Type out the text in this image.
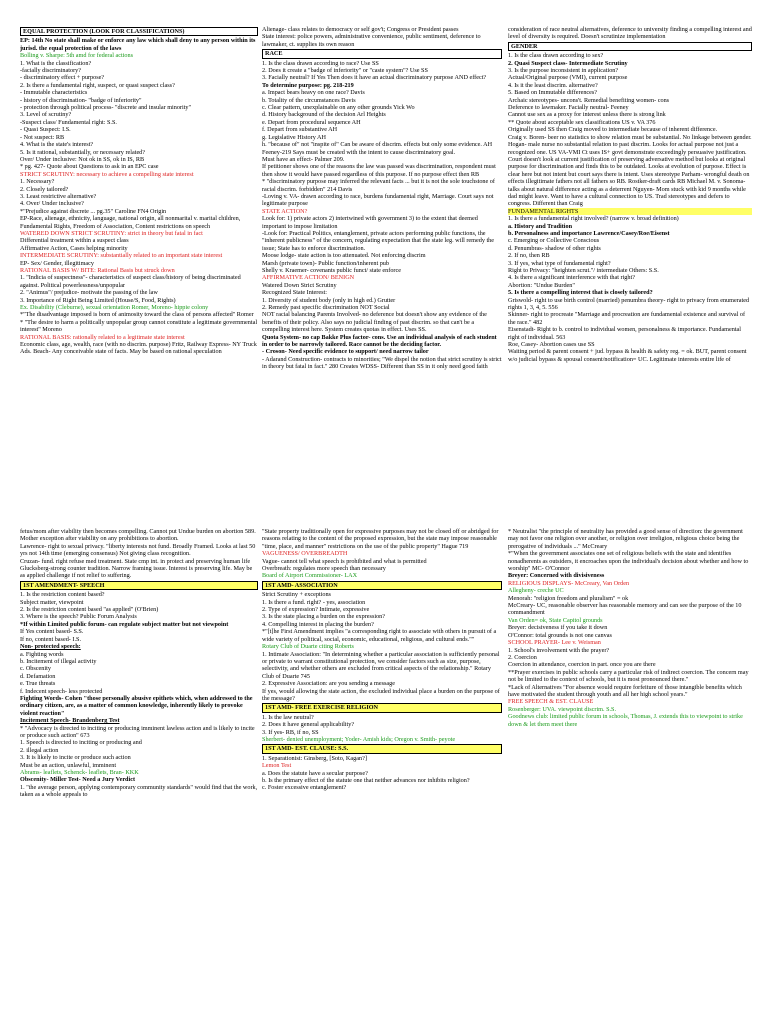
EQUAL PROTECTION (LOOK FOR CLASSIFICATIONS)
EP: 14th No state shall make or enforce any law which shall deny to any person within its jurisd. the equal protection of the laws
Bolling v. Sharpe: 5th amd for federal actions
1. What is the classification?
-facially discriminatory?
- discriminatory effect + purpose?
2. Is there a fundamental right, suspect, or quasi suspect class?
- Immutable characteristics
- history of discrimination- "badge of inferiority"
- protection through political process- "discrete and insular minority"
3. Level of scrutiny?
-Suspect class/ Fundamental right: S.S.
- Quasi Suspect: I.S.
- Not suspect: RB
4. What is the state's interest?
5. Is it rational, substantially, or necessary related?
Over/ Under inclusive: Not ok in SS, ok in IS, RB
* pg. 427- Quote about Questions to ask in an EPC case
STRICT SCRUTINY: necessary to achieve a compelling state interest
1. Necessary?
2. Closely tailored?
3. Least restrictive alternative?
4. Over/ Under inclusive?
*"Prejudice against discrete ... pg.35" Caroline FN4 Origin
EP-Race, alienage, ethnicity, language, national origin, all nonmarital v. marital children, Fundamental Rights, Freedom of Association, Content restrictions on speech
WATERED DOWN STRICT SCRUTINY: strict in theory but fatal in fact
Differential treatment within a suspect class
Affirmative Action, Cases helping minority
INTERMEDIATE SCRUTINY: substantially related to an important state interest
EP- Sex/ Gender, illegitimacy
RATIONAL BASIS W/ BITE: Rational Basis but struck down
1. "Indicia of suspectness"- characteristics of suspect class/history of being discriminated against. Political powerlessness/unpopular
2. "Animus"/ prejudice- motivate the passing of the law
3. Importance of Right Being Limited (House/S, Food, Rights)
Ex. Disability (Cleburne), sexual orientation Romer, Moreno- hippie colony
*"The disadvantage imposed is born of animosity toward the class of persons affected" Romer
* "The desire to harm a politically unpopular group cannot constitute a legitimate governmental interest" Moreno
RATIONAL BASIS: rationally related to a legitimate state interest
Economic class, age, wealth, race (with no discrim. purpose) Fritz, Railway Express- NY Truck Ads. Beach- Any conceivable state of facts. May be based on rational speculation
Alienage- class relates to democracy or self gov't; Congress or President passes
State interest: police powers, administrative convenience, public sentiment, deference to lawmaker, ct. supplies its own reason
RACE
1. Is the class drawn according to race? Use SS
2. Does it create a "badge of inferiority" or "caste system"? Use SS
3. Facially neutral? If Yes Then does it have an actual discriminatory purpose AND effect?
To determine purpose: pg. 218-219
a. Impact bears heavy on one race? Davis
b. Totality of the circumstances Davis
c. Clear pattern, unexplainable on any other grounds Yick Wo
d. History background of the decision Arl Heights
e. Depart from procedural sequence AH
f. Depart from substantive AH
g. Legislative History AH
h. "because of" not "inspite of" Can be aware of discrim. effects but only some evidence. AH Feeney-219 Says must be created with the intent to cause discriminatory goal.
Must have an effect- Palmer 209.
If petitioner shows one of the reasons the law was passed was discrimination, respondent must then show it would have passed regardless of this purpose. If no purpose effect then RB
* "discriminatory purpose may inferred the relevant facts ... but it is not the sole touchstone of racial discrim. forbidden" 214 Davis
-Loving v. VA- drawn according to race, burdens fundamental right, Marriage. Court says not legitimate purpose
STATE ACTION?
Look for: 1) private actors 2) intertwined with government 3) to the extent that deemed important to impose limitation
-Look for: Practical Politics, entanglement, private actors performing public functions, the "inherent publicness" of the concern, regulating expectation that the state leg. will remedy the issue; State has to enforce discrimination.
Moose lodge- state action is too attenuated. Not enforcing discrim
Marsh (private town)- Public function/inherent pub
Shelly v. Kraemer- covenants public funct/ state enforce
AFFIRMATIVE ACTION/ BENIGN
Watered Down Strict Scrutiny
Recognized State Interest:
1. Diversity of student body (only in high ed.) Grutter
2. Remedy past specific discrimination NOT Social
NOT racial balancing Parents Involved- no deference but doesn't show any evidence of the benefits of their policy. Also says no judicial finding of past discrim. so that can't be a compelling interest here. System creates quotas in effect. Uses SS.
Quota System- no cap Bakke Plus factor- cons. Use an individual analysis of each student in order to be narrowly tailored. Race cannot be the deciding factor.
- Croson- Need specific evidence to support/ need narrow tailor
- Adarand Construction- contracts to minorities; "We dispel the notion that strict scrutiny is strict in theory but fatal in fact." 280 Creates WDSS- Different than SS in it only need good faith
consideration of race neutral alternatives, deference to university finding a compelling interest and level of diversity is required. Doesn't scrutinize implementation
GENDER
1. Is the class drawn according to sex?
2. Quasi Suspect class- Intermediate Scrutiny
3. Is the purpose inconsistent in application?
Actual/Original purpose (VMI), current purpose
4. Is it the least discrim. alternative?
5. Based on Immutable differences?
Archaic stereotypes- uncons't. Remedial benefiting women- cons
Deference to lawmaker. Facially neutral- Feeney
Cannot use sex as a proxy for interest unless there is strong link
** Quote about acceptable sex classifications US v. VA 376
Originally used SS then Craig moved to intermediate because of inherent difference.
Craig v. Boren- beer no statistics to show relation must be substantial. No linkage between gender. Hogan- male nurse no substantial relation to past discrim. Looks for actual purpose not just a recognized one. US VA-VMI Ct uses IS+ govt demonstrate exceedingly persuasive justification. Court doesn't look at current justification of preserving adversative method but looks at original purpose for discrimination and finds this to be outdated. Looks at evolution of purpose. Effect is clear here but not intent but court says there is intent. Uses stereotype Parham- wrongful death on effects illegitimate fathers not all fathers so RB. Rostker-draft cards RB Michael M. v. Sonoma- talks about natural difference acting as a deterrent Nguyen- Mom stuck with kid 9 months while dad might leave. Want to have a cultural connection to US. Trad stereotypes and defers to congress. Different than Craig
FUNDAMENTAL RIGHTS
1. Is there a fundamental right involved? (narrow v. broad definition)
a. History and Tradition
b. Personalness and importance Lawrence/Casey/Roe/Eisenst
c. Emerging or Collective Conscious
d. Penumbras- shadow of other rights
2. If no, then RB
3. If yes, what type of fundamental right?
Right to Privacy: "heighten scrut."/ intermediate Others: S.S.
4. Is there a significant interference with that right?
Abortion: "Undue Burden"
5. Is there a compelling interest that is closely tailored?
Griswold- right to use birth control (married) penumbra theory- right to privacy from enumerated rights 1, 3, 4, 5. 556
Skinner- right to procreate "Marriage and procreation are fundamental existence and survival of the race." 482
Eisenstadt- Right to b. control to individual women, personalness & importance. Fundamental right of individual. 563
Roe, Casey- Abortion cases use SS
Waiting period & parent consent + jud. bypass & health & safety reg. = ok. BUT, parent consent w/o judicial bypass & spousal consent/notification= UC. Legitimate interests entire life of
fetus/mom after viability then becomes compelling. Cannot put Undue burden on abortion 589. Mother exception after viability on any prohibitions to abortion.
Lawrence- right to sexual privacy. "liberty interests not fund. Broadly Framed. Looks at last 50 yrs not 14th time (emerging consensus) Not giving class recognition.
Cruzan- fund. right refuse med treatment. State cmp int. in protect and preserving human life Glucksberg-strong counter tradition. Narrow framing issue. Interest is preserving life. May be as applied challenge if not relief to suffering.
1ST AMENDMENT- SPEECH
1. Is the restriction content based?
Subject matter, viewpoint
2. Is the restriction content based "as applied" (O'Brien)
3. Where is the speech? Public Forum Analysis
*If within Limited public forum- can regulate subject matter but not viewpoint
If Yes content based- S.S.
If no, content based- I.S.
Non- protected speech:
a. Fighting words
b. Incitement of illegal activity
c. Obscenity
d. Defamation
e. True threats
f. Indecent speech- less protected
Fighting Words- Cohen "those personally abusive epithets which, when addressed to the ordinary citizen, are, as a matter of common knowledge, inherently likely to provoke violent reaction"
Incitement Speech- Brandenberg Test
* "Advocacy is directed to inciting or producing imminent lawless action and is likely to incite or produce such action" 673
1. Speech is directed to inciting or producing and
2. illegal action
3. It is likely to incite or produce such action
Must be an action, unlawful, imminent
Abrams- leaflets, Schenck- leaflets, Bran- KKK
Obscenity- Miller Test- Need a Jury Verdict
1. "the average person, applying contemporary community standards" would find that the work, taken as a whole appeals to
"State property traditionally open for expressive purposes may not be closed off or abridged for reasons relating to the content of the proposed expression, but the state may impose reasonable "time, place, and manner" restrictions on the use of the public property" Hague 719
VAGUENESS/ OVERBREADTH
Vague- cannot tell what speech is prohibited and what is permitted
Overbreath: regulates more speech than necessary
Board of Airport Commissioner- LAX
1ST AMD- ASSOCIATION
Strict Scrutiny + exceptions
1. Is there a fund. right? - yes, association
2. Type of expression? Intimate, expressive
3. Is the state placing a burden on the expression?
4. Compelling interest in placing the burden?
*"[t]he First Amendment implies "a corresponding right to associate with others in pursuit of a wide variety of political, social, economic, educational, religious, and cultural ends.""
Rotary Club of Duarte citing Roberts
1. Intimate Association: "In determining whether a particular association is sufficiently personal or private to warrant constitutional protection, we consider factors such as size, purpose, selectivity, and whether others are excluded from critical aspects of the relationship." Rotary Club of Duarte 745
2. Expressive Association: are you sending a message
If yes, would allowing the state action, the excluded individual place a burden on the purpose of the message?
1ST AMD- FREE EXERCISE RELIGION
1. Is the law neutral?
2. Does it have general applicability?
3. If yes- RB, if no, SS
Sherbert- denied unemployment; Yoder- Amish kids; Oregon v. Smith- peyote
1ST AMD- EST. CLAUSE: S.S.
1. Separationist: Ginsberg, [Soto, Kagan?]
Lemon Test
a. Does the statute have a secular purpose?
b. Is the primary effect of the statute one that neither advances nor inhibits religion?
c. Foster excessive entanglement?
* Neutralist "the principle of neutrality has provided a good sense of direction: the government may not favor one religion over another, or religion over irreligion, religious choice being the prerogative of individuals ..." McCreary
*"When the government associates one set of religious beliefs with the state and identifies nonadherents as outsiders, it encroaches upon the individual's decision about whether and how to worship" MC- O'Connor
Breyer: Concerned with divisiveness
RELIGIOUS DISPLAYS- McCreary, Van Orden
Allegheny- creche UC
Menorah: "religion freedom and pluralism" = ok
McCreary- UC, reasonable observer has reasonable memory and can see the purpose of the 10 commandment
Van Orden= ok, State Capitol grounds
Breyer: decisiveness if you take it down
O'Connor: total grounds is not one canvas
SCHOOL PRAYER- Lee v. Weisman
1. School's involvement with the prayer?
2. Coercion
Coercion in attendance, coercion in part. once you are there
**Prayer exercises in public schools carry a particular risk of indirect coercion. The concern may not be limited to the context of schools, but it is most pronounced there."
*Lack of Alternatives "For absence would require forfeiture of those intangible benefits which have motivated the student through youth and all her high school years."
FREE SPEECH & EST. CLAUSE
Rosenberger: UVA. viewpoint discrim. S.S.
Goodnews club: limited public forum in schools, Thomas, J. extends this to viewpoint to strike down & let them meet there
